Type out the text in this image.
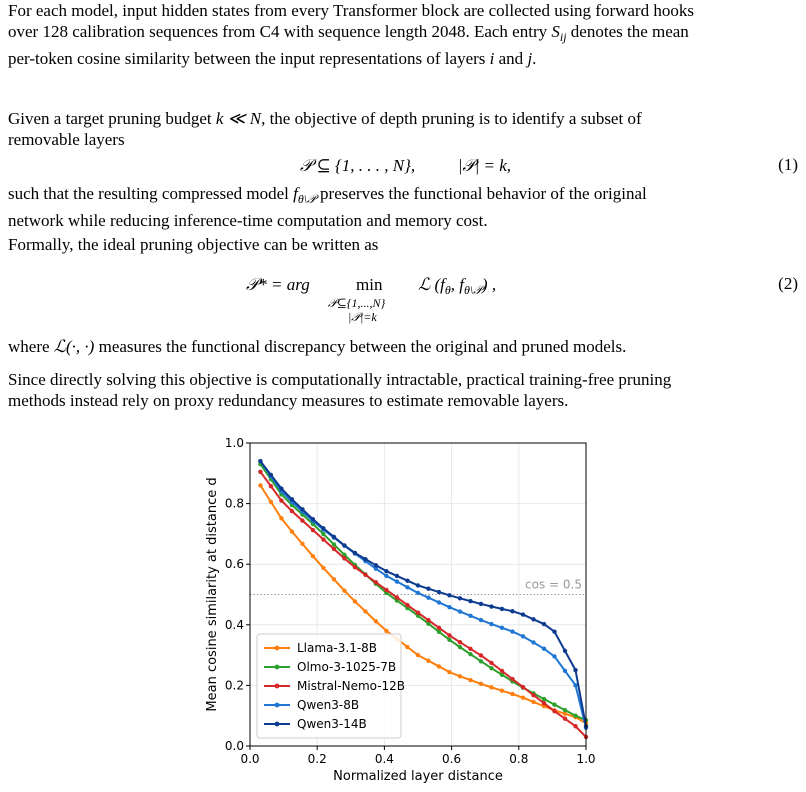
For each model, input hidden states from every Transformer block are collected using forward hooks
over 128 calibration sequences from C4 with sequence length 2048. Each entry $S_{ij}$ denotes the mean
per-token cosine similarity between the input representations of layers i and j.

Given a target pruning budget k ≪ N, the objective of depth pruning is to identify a subset of
removable layers

𝒫 ⊆ {1, . . . , N},	|𝒫| = k,	(1)

such that the resulting compressed model $f_{\theta\backslash 𝒫}$ preserves the functional behavior of the original
network while reducing inference-time computation and memory cost.

Formally, the ideal pruning objective can be written as

𝒫* = arg	min
𝒫⊆{1,...,N}
|𝒫|=k
ℒ ($f_\theta$, $f_{\theta\backslash 𝒫}$) ,	(2)

where ℒ(·, ·) measures the functional discrepancy between the original and pruned models.

Since directly solving this objective is computationally intractable, practical training-free pruning
methods instead rely on proxy redundancy measures to estimate removable layers.

cos = 0.5
0.0	0.2	0.4	0.6	0.8	1.0
0.0
0.2
0.4
0.6
0.8
1.0
Normalized layer distance
Mean cosine similarity at distance d	Llama-3.1-8B
Olmo-3-1025-7B
Mistral-Nemo-12B
Qwen3-8B
Qwen3-14B
